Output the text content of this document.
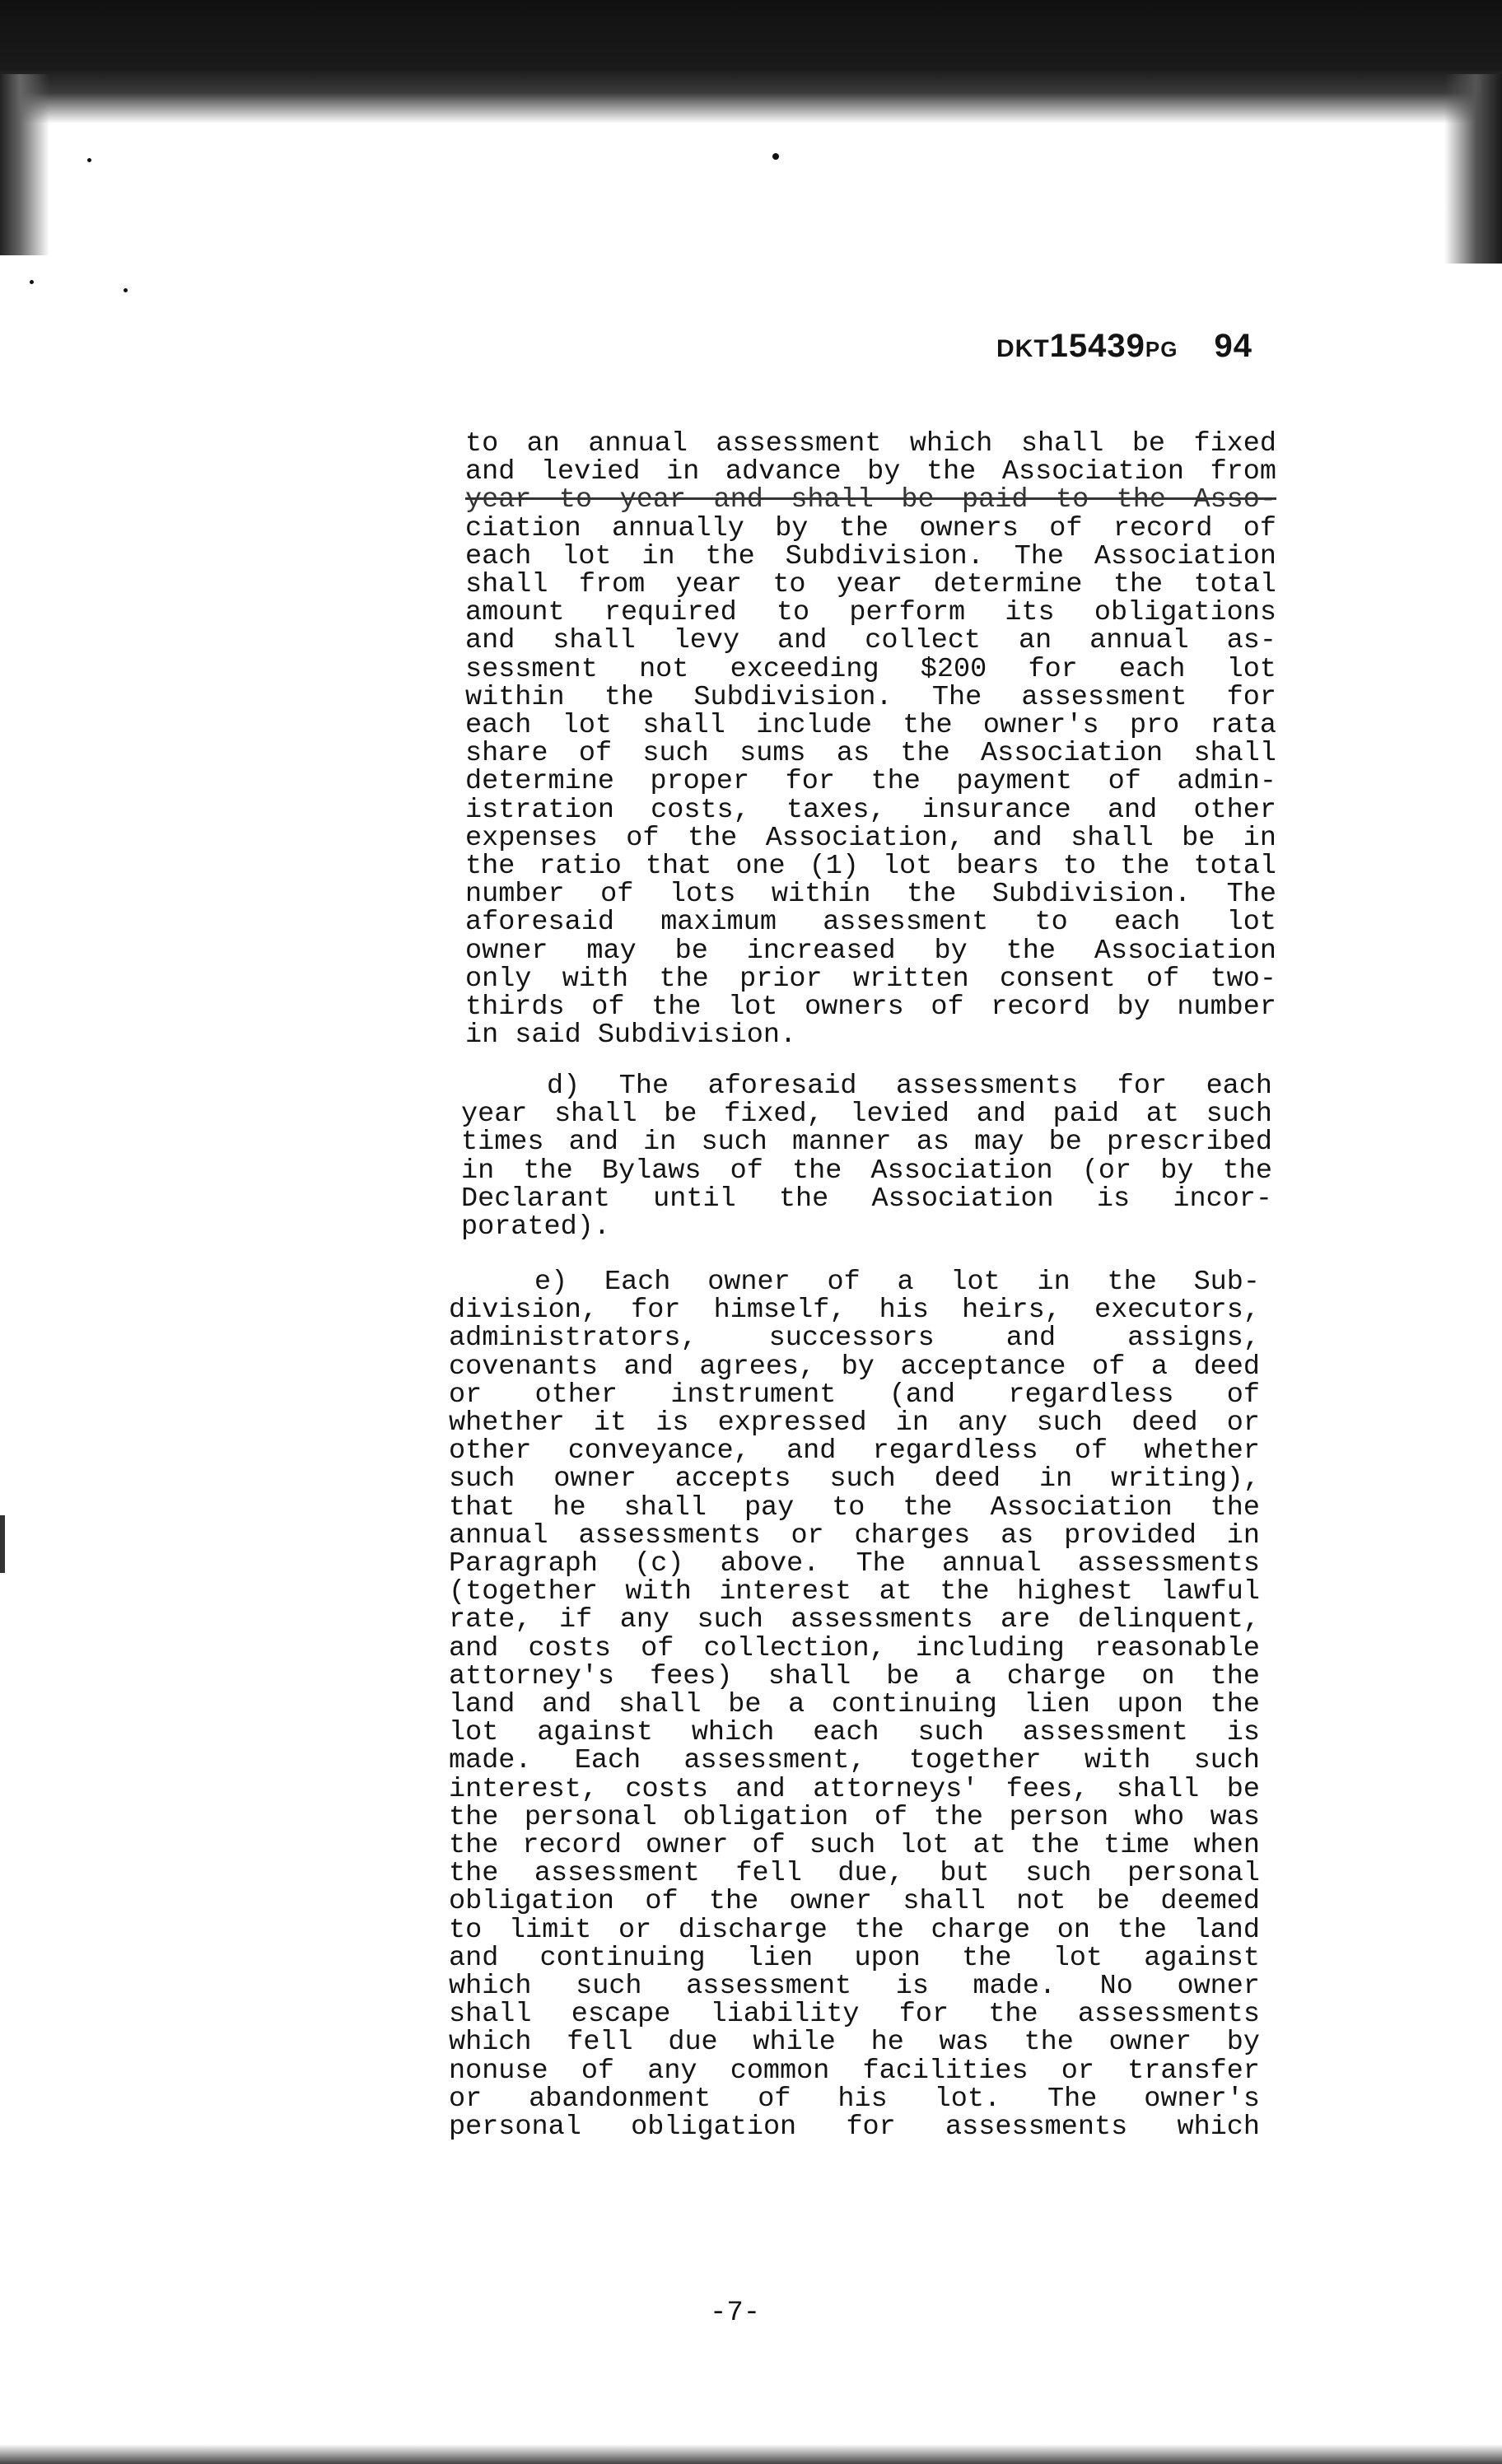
DKT15439PG 94
to an annual assessment which shall be fixed
and levied in advance by the Association from
year to year and shall be paid to the Asso-
ciation annually by the owners of record of
each lot in the Subdivision. The Association
shall from year to year determine the total
amount required to perform its obligations
and shall levy and collect an annual as-
sessment not exceeding $200 for each lot
within the Subdivision. The assessment for
each lot shall include the owner's pro rata
share of such sums as the Association shall
determine proper for the payment of admin-
istration costs, taxes, insurance and other
expenses of the Association, and shall be in
the ratio that one (1) lot bears to the total
number of lots within the Subdivision. The
aforesaid maximum assessment to each lot
owner may be increased by the Association
only with the prior written consent of two-
thirds of the lot owners of record by number
in said Subdivision.
d) The aforesaid assessments for each
year shall be fixed, levied and paid at such
times and in such manner as may be prescribed
in the Bylaws of the Association (or by the
Declarant until the Association is incor-
porated).
e) Each owner of a lot in the Sub-
division, for himself, his heirs, executors,
administrators, successors and assigns,
covenants and agrees, by acceptance of a deed
or other instrument (and regardless of
whether it is expressed in any such deed or
other conveyance, and regardless of whether
such owner accepts such deed in writing),
that he shall pay to the Association the
annual assessments or charges as provided in
Paragraph (c) above. The annual assessments
(together with interest at the highest lawful
rate, if any such assessments are delinquent,
and costs of collection, including reasonable
attorney's fees) shall be a charge on the
land and shall be a continuing lien upon the
lot against which each such assessment is
made. Each assessment, together with such
interest, costs and attorneys' fees, shall be
the personal obligation of the person who was
the record owner of such lot at the time when
the assessment fell due, but such personal
obligation of the owner shall not be deemed
to limit or discharge the charge on the land
and continuing lien upon the lot against
which such assessment is made. No owner
shall escape liability for the assessments
which fell due while he was the owner by
nonuse of any common facilities or transfer
or abandonment of his lot. The owner's
personal obligation for assessments which
-7-
